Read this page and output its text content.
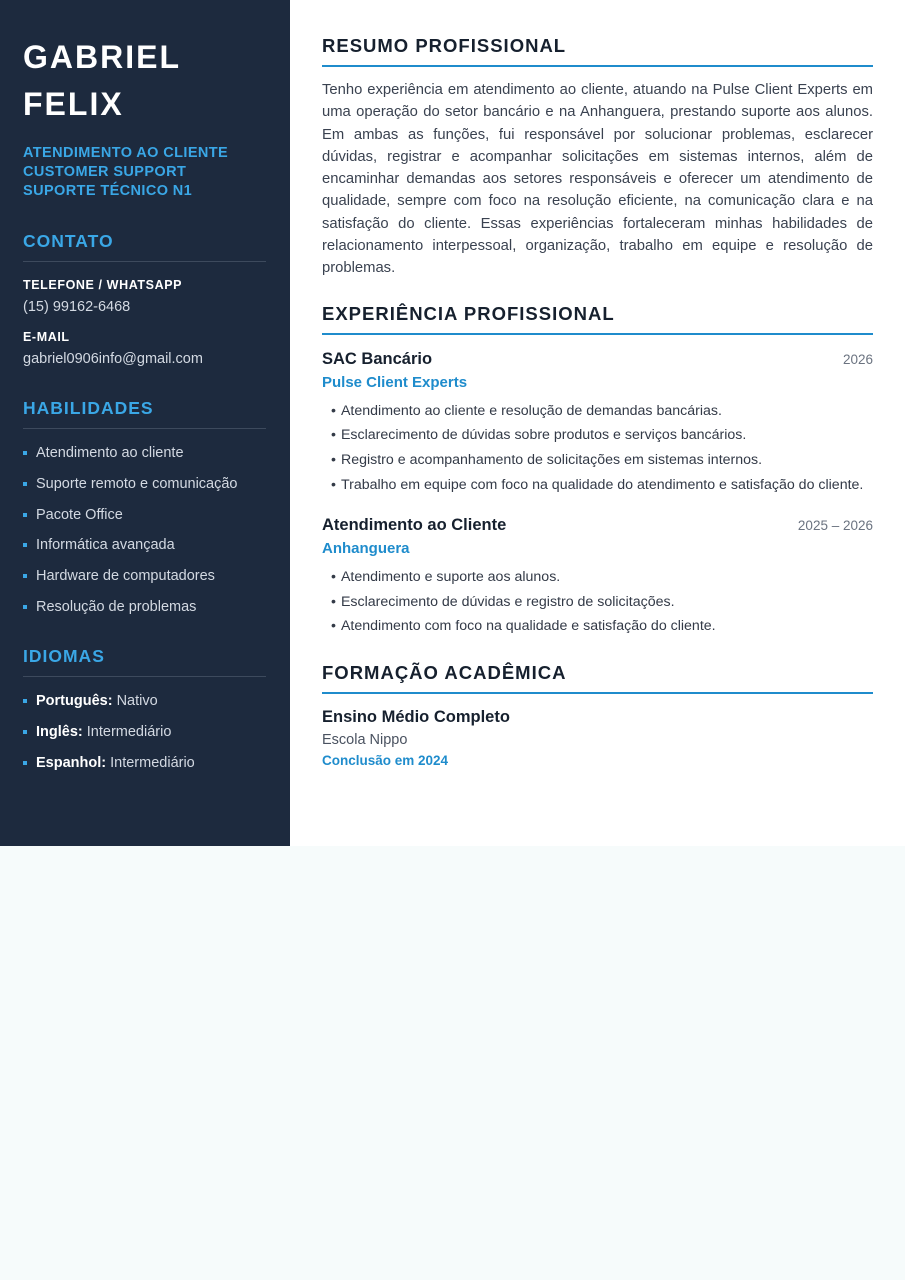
GABRIEL
FELIX
ATENDIMENTO AO CLIENTE
CUSTOMER SUPPORT
SUPORTE TÉCNICO N1
CONTATO
TELEFONE / WHATSAPP
(15) 99162-6468
E-MAIL
gabriel0906info@gmail.com
HABILIDADES
Atendimento ao cliente
Suporte remoto e comunicação
Pacote Office
Informática avançada
Hardware de computadores
Resolução de problemas
IDIOMAS
Português: Nativo
Inglês: Intermediário
Espanhol: Intermediário
RESUMO PROFISSIONAL

Tenho experiência em atendimento ao cliente, atuando na Pulse Client Experts em uma operação do setor bancário e na Anhanguera, prestando suporte aos alunos. Em ambas as funções, fui responsável por solucionar problemas, esclarecer dúvidas, registrar e acompanhar solicitações em sistemas internos, além de encaminhar demandas aos setores responsáveis e oferecer um atendimento de qualidade, sempre com foco na resolução eficiente, na comunicação clara e na satisfação do cliente. Essas experiências fortaleceram minhas habilidades de relacionamento interpessoal, organização, trabalho em equipe e resolução de problemas.

EXPERIÊNCIA PROFISSIONAL
SAC Bancário	2026
Pulse Client Experts
• Atendimento ao cliente e resolução de demandas bancárias.
• Esclarecimento de dúvidas sobre produtos e serviços bancários.
• Registro e acompanhamento de solicitações em sistemas internos.
• Trabalho em equipe com foco na qualidade do atendimento e satisfação do cliente.
Atendimento ao Cliente	2025 – 2026
Anhanguera
• Atendimento e suporte aos alunos.
• Esclarecimento de dúvidas e registro de solicitações.
• Atendimento com foco na qualidade e satisfação do cliente.
FORMAÇÃO ACADÊMICA
Ensino Médio Completo
Escola Nippo
Conclusão em 2024
